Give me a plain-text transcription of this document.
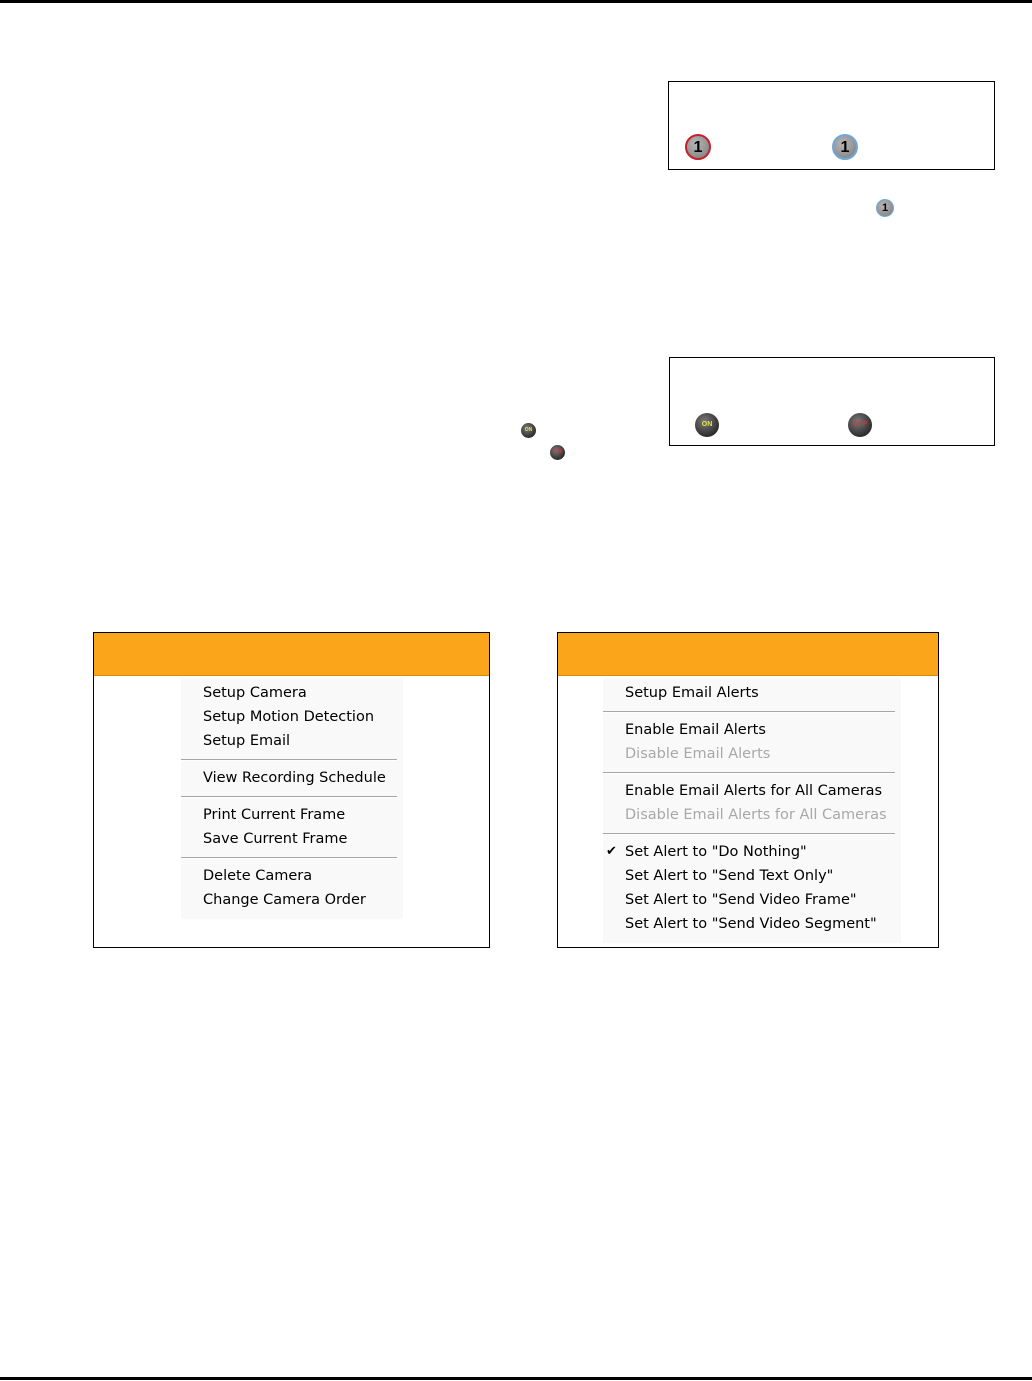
1	1
1
ON	OFF
ON
OFF
Setup Camera
Setup Motion Detection
Setup Email
View Recording Schedule
Print Current Frame
Save Current Frame
Delete Camera
Change Camera Order
Setup Email Alerts
Enable Email Alerts
Disable Email Alerts
Enable Email Alerts for All Cameras
Disable Email Alerts for All Cameras
✔ Set Alert to "Do Nothing"
Set Alert to "Send Text Only"
Set Alert to "Send Video Frame"
Set Alert to "Send Video Segment"
